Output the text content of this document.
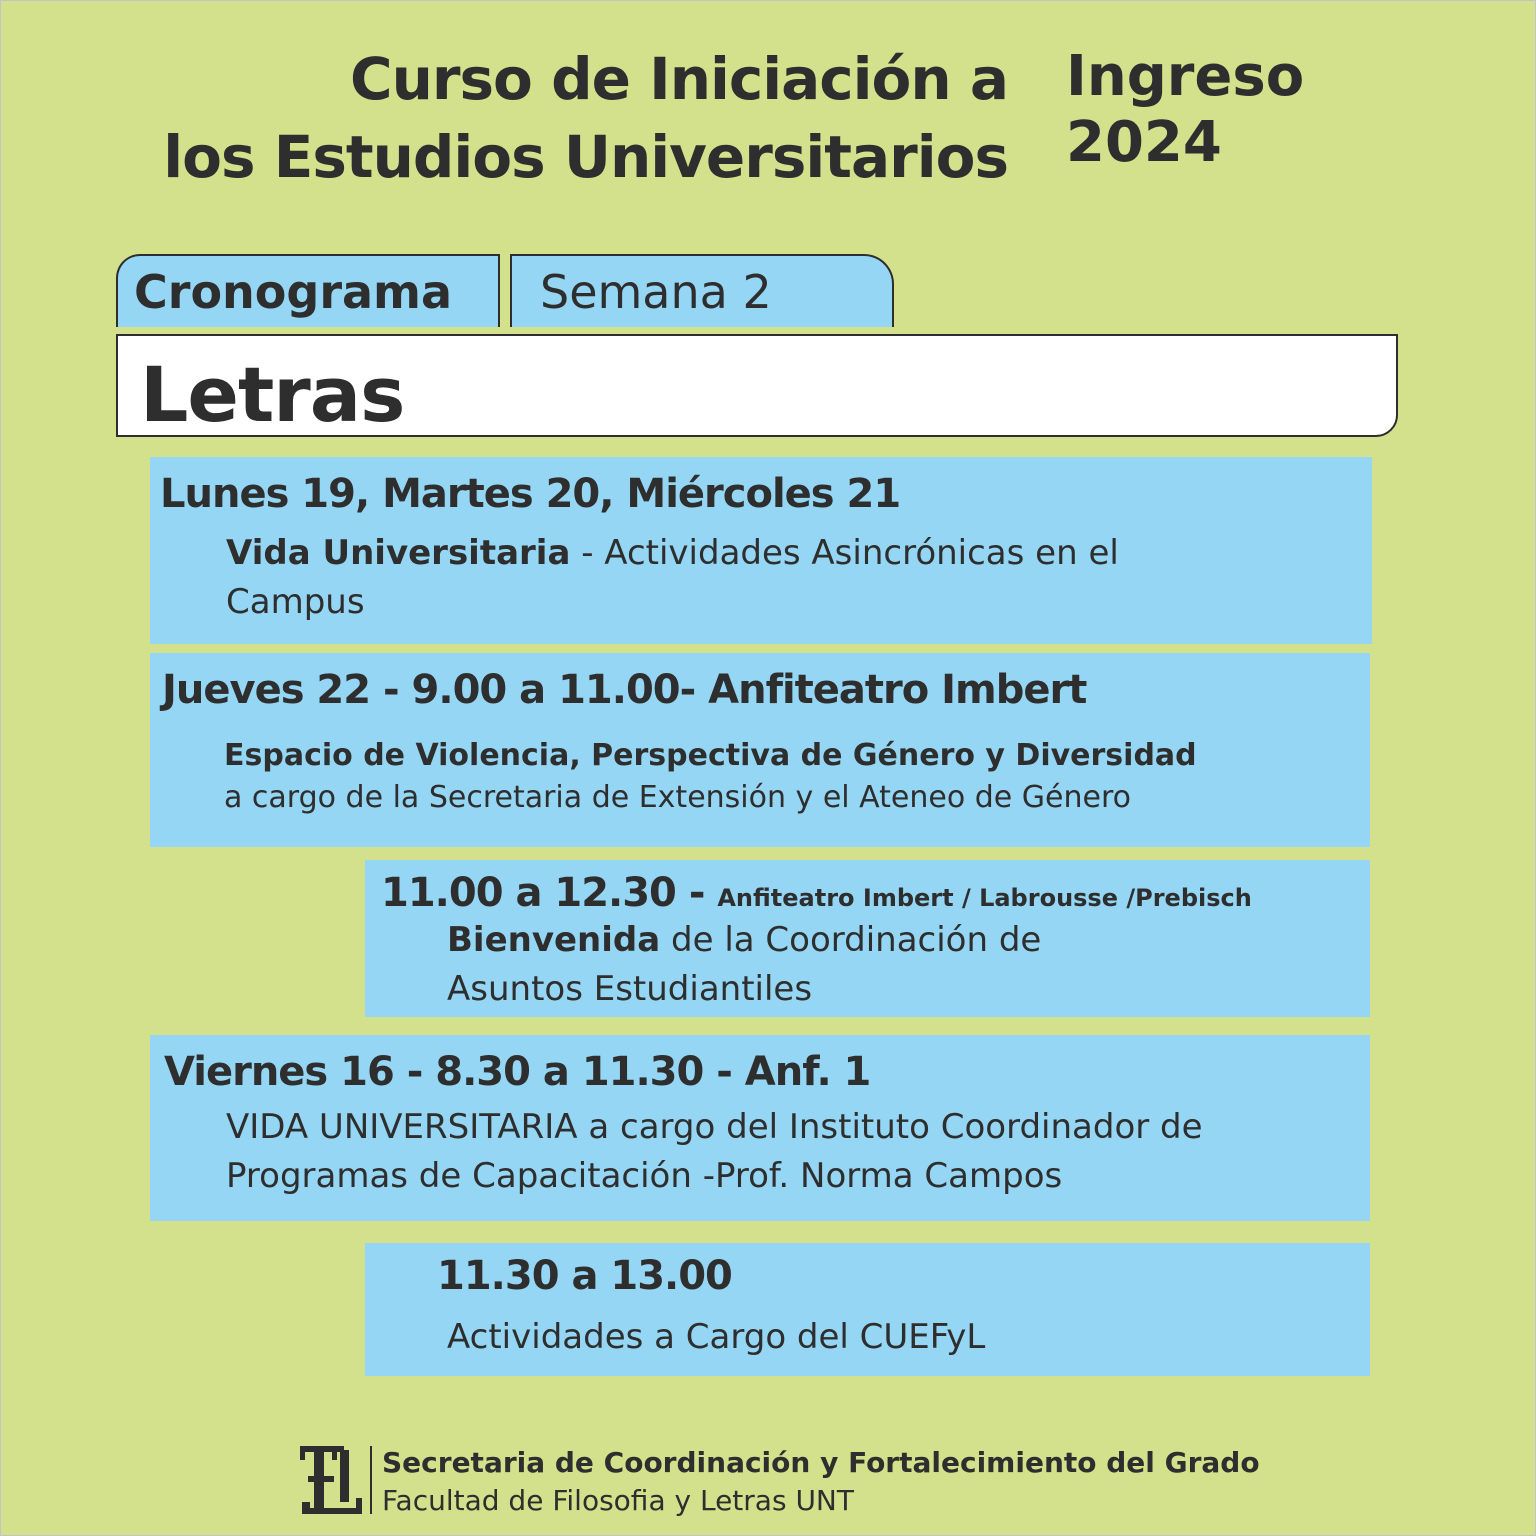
Curso de Iniciación a
los Estudios Universitarios
Ingreso
2024
Cronograma	Semana 2
Letras
Lunes 19, Martes 20, Miércoles 21
Vida Universitaria - Actividades Asincrónicas en el
Campus
Jueves 22 - 9.00 a 11.00- Anfiteatro Imbert
Espacio de Violencia, Perspectiva de Género y Diversidad
a cargo de la Secretaria de Extensión y el Ateneo de Género
11.00 a 12.30 - Anfiteatro Imbert / Labrousse /Prebisch
Bienvenida de la Coordinación de
Asuntos Estudiantiles
Viernes 16 - 8.30 a 11.30 - Anf. 1
VIDA UNIVERSITARIA a cargo del Instituto Coordinador de
Programas de Capacitación -Prof. Norma Campos
11.30 a 13.00
Actividades a Cargo del CUEFyL
Secretaria de Coordinación y Fortalecimiento del Grado
Facultad de Filosofia y Letras UNT
